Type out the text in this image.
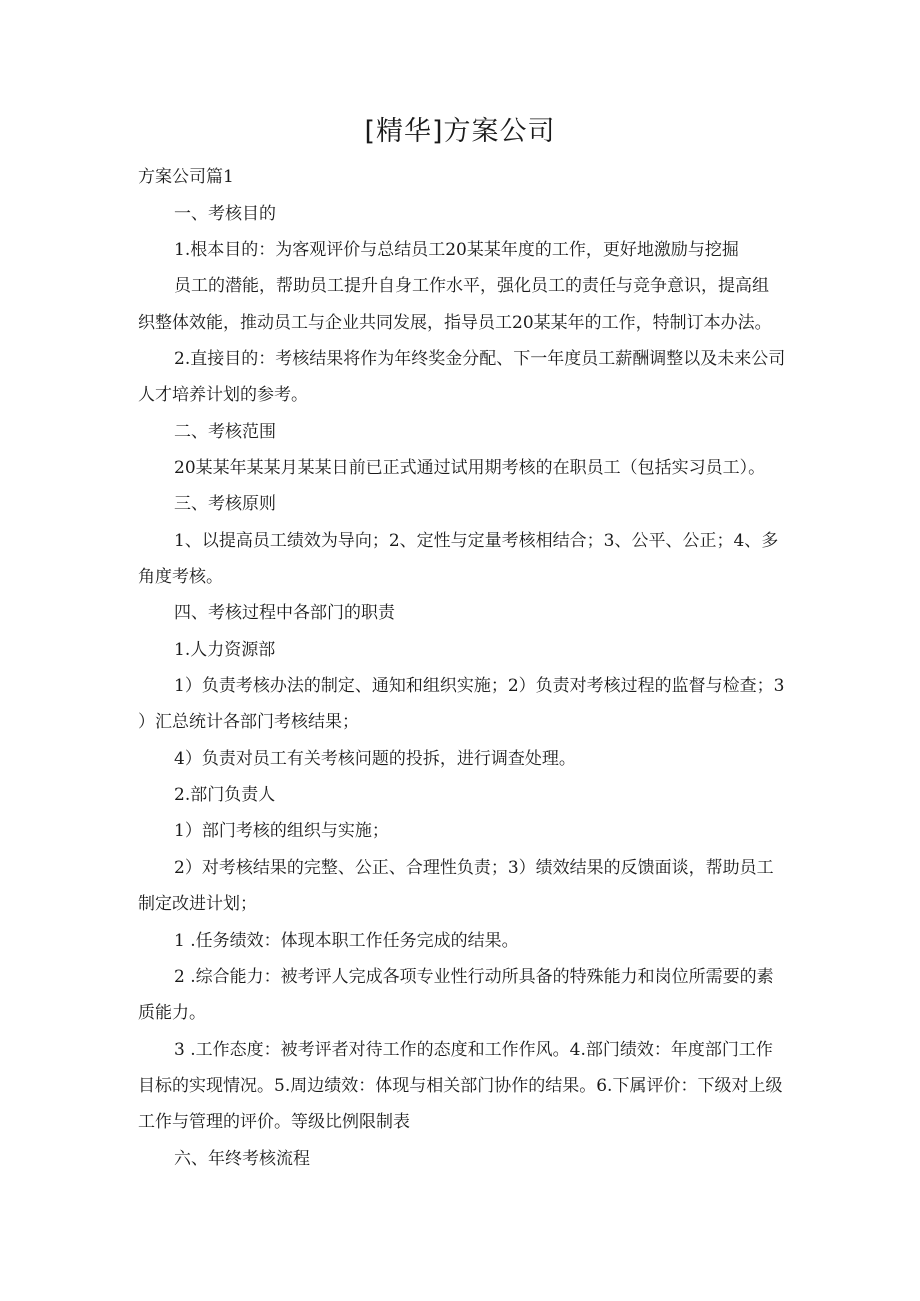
[精华]方案公司
方案公司篇1
一、考核目的
1.根本目的：为客观评价与总结员工20某某年度的工作，更好地激励与挖掘
员工的潜能，帮助员工提升自身工作水平，强化员工的责任与竞争意识，提高组
织整体效能，推动员工与企业共同发展，指导员工20某某年的工作，特制订本办法。
2.直接目的：考核结果将作为年终奖金分配、下一年度员工薪酬调整以及未来公司
人才培养计划的参考。
二、考核范围
20某某年某某月某某日前已正式通过试用期考核的在职员工（包括实习员工）。
三、考核原则
1、以提高员工绩效为导向；2、定性与定量考核相结合；3、公平、公正；4、多
角度考核。
四、考核过程中各部门的职责
1.人力资源部
1）负责考核办法的制定、通知和组织实施；2）负责对考核过程的监督与检查；3
）汇总统计各部门考核结果；
4）负责对员工有关考核问题的投拆，进行调查处理。
2.部门负责人
1）部门考核的组织与实施；
2）对考核结果的完整、公正、合理性负责；3）绩效结果的反馈面谈，帮助员工
制定改进计划；
1 .任务绩效：体现本职工作任务完成的结果。
2 .综合能力：被考评人完成各项专业性行动所具备的特殊能力和岗位所需要的素
质能力。
3 .工作态度：被考评者对待工作的态度和工作作风。4.部门绩效：年度部门工作
目标的实现情况。5.周边绩效：体现与相关部门协作的结果。6.下属评价：下级对上级
工作与管理的评价。等级比例限制表
六、年终考核流程
